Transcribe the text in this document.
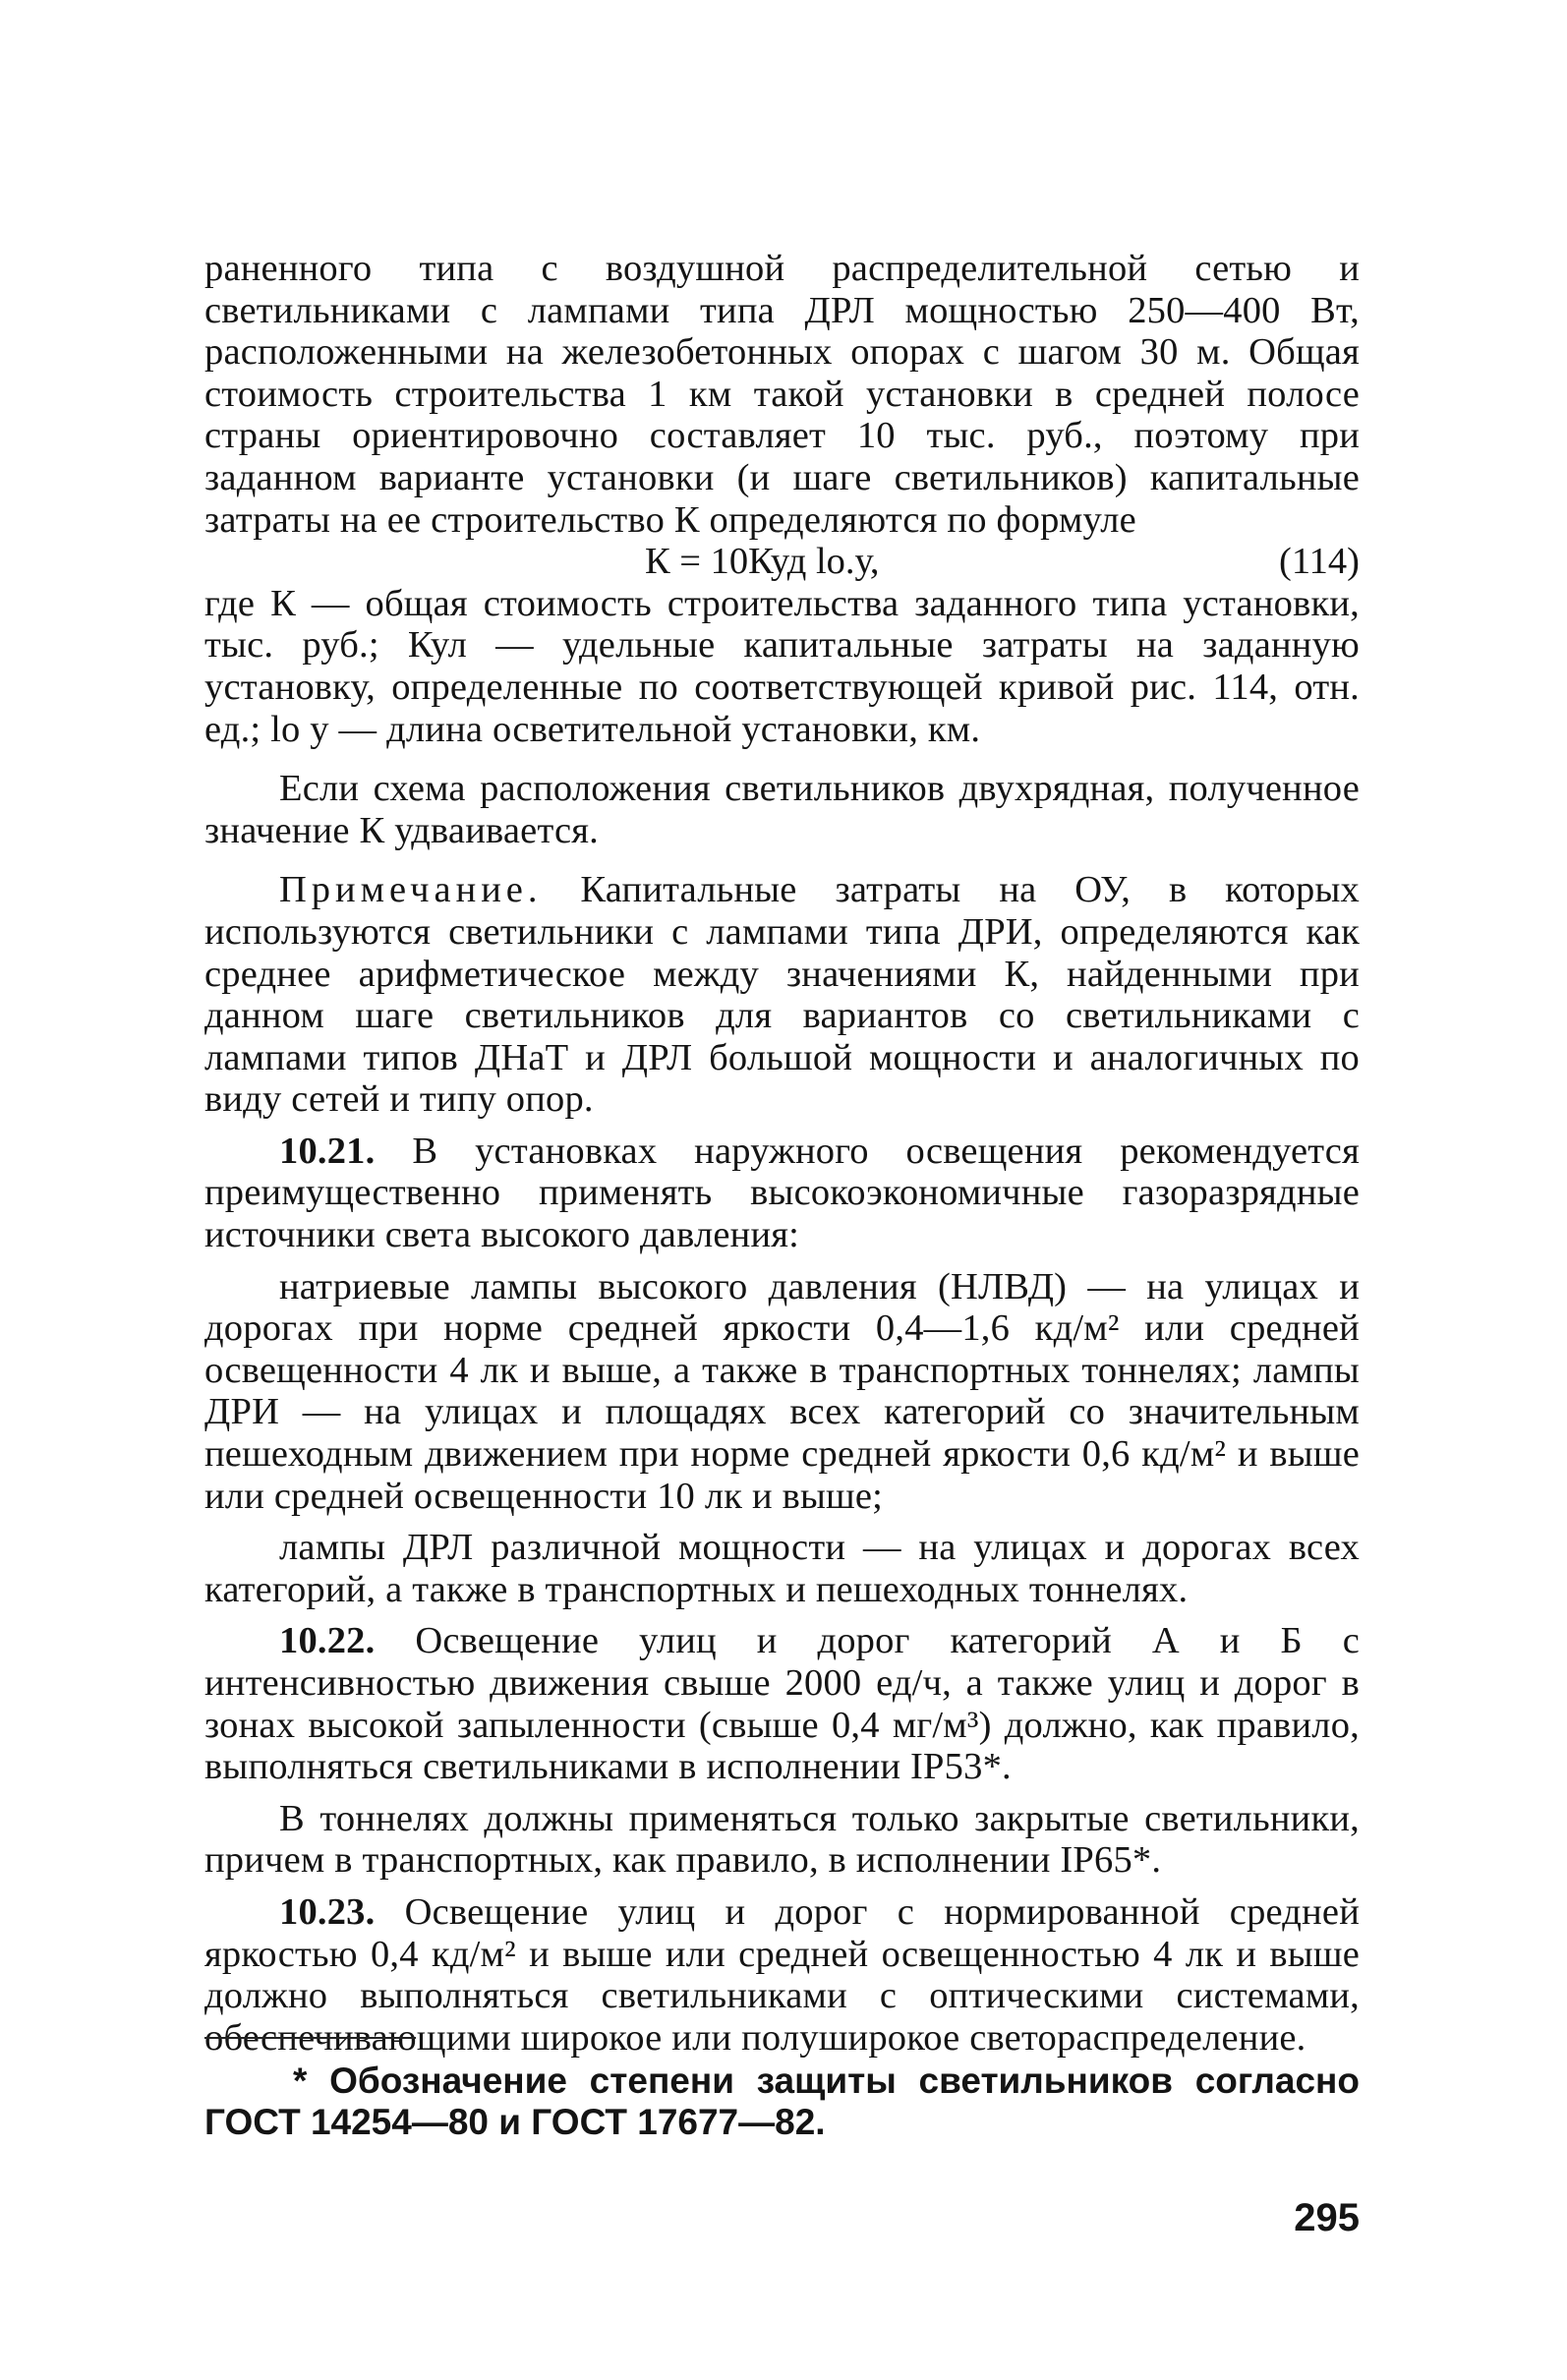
раненного типа с воздушной распределительной сетью и светильниками с лампами типа ДРЛ мощностью 250—400 Вт, расположенными на железобетонных опорах с шагом 30 м. Общая стоимость строительства 1 км такой установки в средней полосе страны ориентировочно составляет 10 тыс. руб., поэтому при заданном варианте установки (и шаге светильников) капитальные затраты на ее строительство К определяются по формуле

К = 10Куд lо.у,	(114)

где К — общая стоимость строительства заданного типа установки, тыс. руб.; Кул — удельные капитальные затраты на заданную установку, определенные по соответствующей кривой рис. 114, отн. ед.; lо у — длина осветительной установки, км.

Если схема расположения светильников двухрядная, полученное значение К удваивается.

Примечание. Капитальные затраты на ОУ, в которых используются светильники с лампами типа ДРИ, определяются как среднее арифметическое между значениями К, найденными при данном шаге светильников для вариантов со светильниками с лампами типов ДНаТ и ДРЛ большой мощности и аналогичных по виду сетей и типу опор.

10.21. В установках наружного освещения рекомендуется преимущественно применять высокоэкономичные газоразрядные источники света высокого давления:

натриевые лампы высокого давления (НЛВД) — на улицах и дорогах при норме средней яркости 0,4—1,6 кд/м² или средней освещенности 4 лк и выше, а также в транспортных тоннелях; лампы ДРИ — на улицах и площадях всех категорий со значительным пешеходным движением при норме средней яркости 0,6 кд/м² и выше или средней освещенности 10 лк и выше;

лампы ДРЛ различной мощности — на улицах и дорогах всех категорий, а также в транспортных и пешеходных тоннелях.

10.22. Освещение улиц и дорог категорий А и Б с интенсивностью движения свыше 2000 ед/ч, а также улиц и дорог в зонах высокой запыленности (свыше 0,4 мг/м³) должно, как правило, выполняться светильниками в исполнении IP53*.

В тоннелях должны применяться только закрытые светильники, причем в транспортных, как правило, в исполнении IP65*.

10.23. Освещение улиц и дорог с нормированной средней яркостью 0,4 кд/м² и выше или средней освещенностью 4 лк и выше должно выполняться светильниками с оптическими системами, обеспечивающими широкое или полуширокое светораспределение.

* Обозначение степени защиты светильников согласно ГОСТ 14254—80 и ГОСТ 17677—82.

295
